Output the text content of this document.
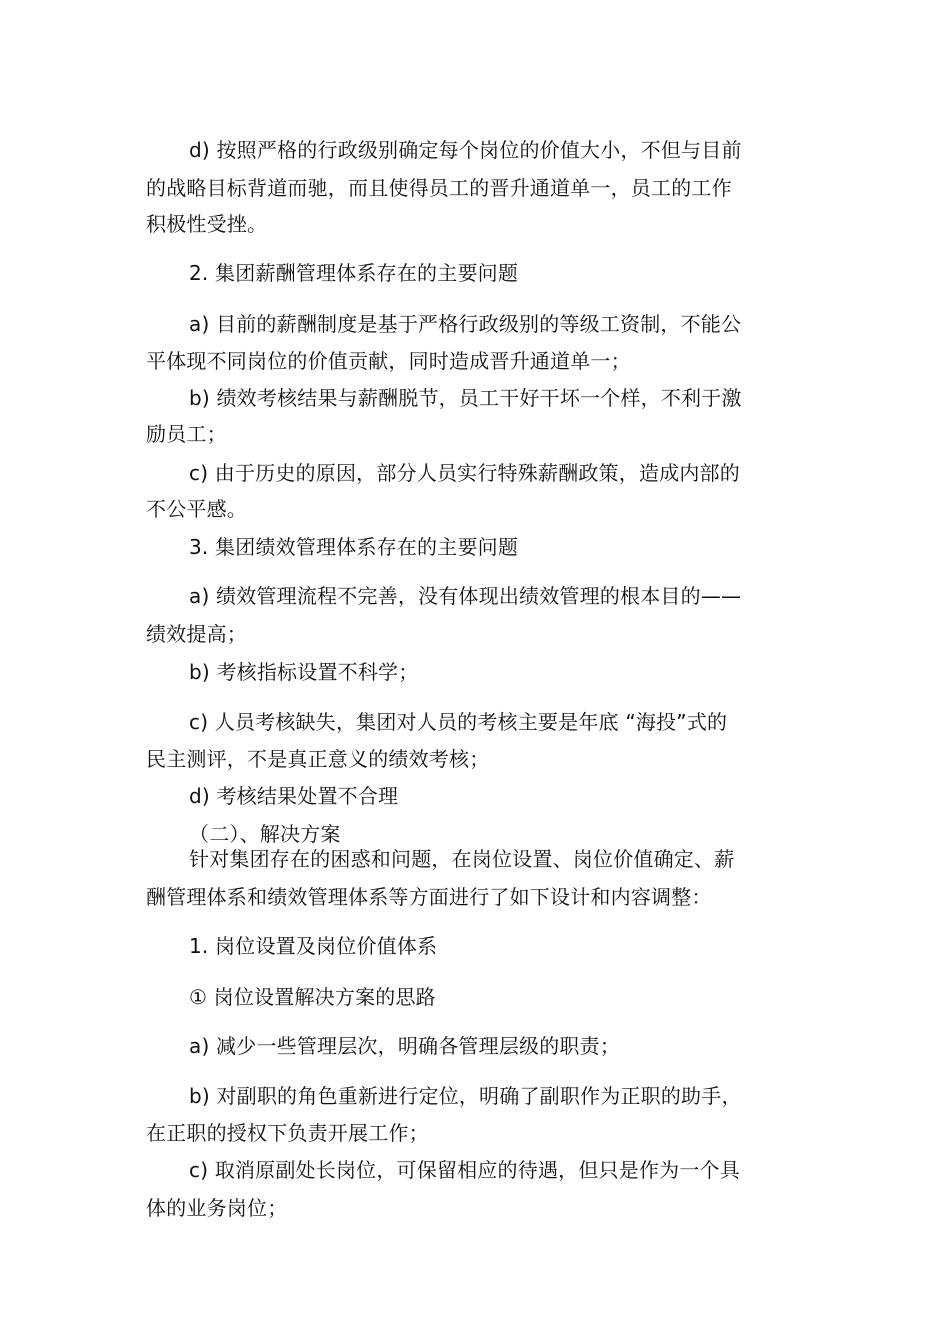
d) 按照严格的行政级别确定每个岗位的价值大小，不但与目前
的战略目标背道而驰，而且使得员工的晋升通道单一，员工的工作
积极性受挫。
2. 集团薪酬管理体系存在的主要问题
a) 目前的薪酬制度是基于严格行政级别的等级工资制，不能公
平体现不同岗位的价值贡献，同时造成晋升通道单一；
b) 绩效考核结果与薪酬脱节，员工干好干坏一个样，不利于激
励员工；
c) 由于历史的原因，部分人员实行特殊薪酬政策，造成内部的
不公平感。
3. 集团绩效管理体系存在的主要问题
a) 绩效管理流程不完善，没有体现出绩效管理的根本目的——
绩效提高；
b) 考核指标设置不科学；
c) 人员考核缺失，集团对人员的考核主要是年底 “海投”式的
民主测评，不是真正意义的绩效考核；
d) 考核结果处置不合理
（二）、解决方案
针对集团存在的困惑和问题，在岗位设置、岗位价值确定、薪
酬管理体系和绩效管理体系等方面进行了如下设计和内容调整：
1. 岗位设置及岗位价值体系
① 岗位设置解决方案的思路
a) 减少一些管理层次，明确各管理层级的职责；
b) 对副职的角色重新进行定位，明确了副职作为正职的助手，
在正职的授权下负责开展工作；
c) 取消原副处长岗位，可保留相应的待遇，但只是作为一个具
体的业务岗位；
